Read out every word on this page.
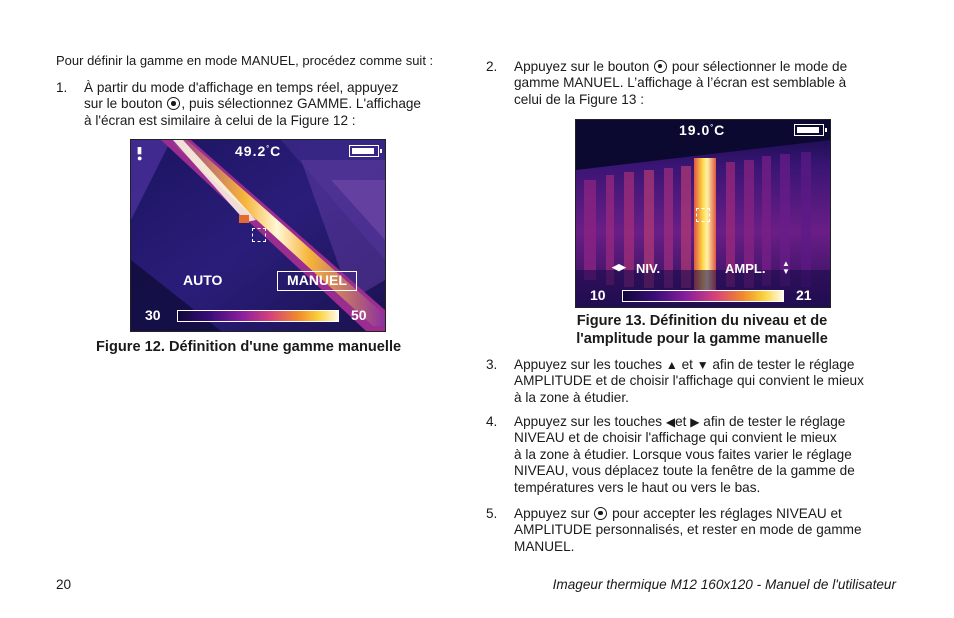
Pour définir la gamme en mode MANUEL, procédez comme suit :
1. À partir du mode d'affichage en temps réel, appuyez
sur le bouton , puis sélectionnez GAMME. L'affichage
à l'écran est similaire à celui de la Figure 12 :
▮
●	49.2°C
AUTO	MANUEL
30	50
Figure 12. Définition d'une gamme manuelle
2. Appuyez sur le bouton pour sélectionner le mode de
gamme MANUEL. L’affichage à l’écran est semblable à
celui de la Figure 13 :
19.0°C
◀▶ NIV.	AMPL. ▲
▼
10	21
Figure 13. Définition du niveau et de
l'amplitude pour la gamme manuelle
3. Appuyez sur les touches ▲ et ▼ afin de tester le réglage
AMPLITUDE et de choisir l'affichage qui convient le mieux
à la zone à étudier.
4. Appuyez sur les touches ◀et ▶ afin de tester le réglage
NIVEAU et de choisir l'affichage qui convient le mieux
à la zone à étudier. Lorsque vous faites varier le réglage
NIVEAU, vous déplacez toute la fenêtre de la gamme de
températures vers le haut ou vers le bas.
5. Appuyez sur pour accepter les réglages NIVEAU et
AMPLITUDE personnalisés, et rester en mode de gamme
MANUEL.
20	Imageur thermique M12 160x120 - Manuel de l'utilisateur
